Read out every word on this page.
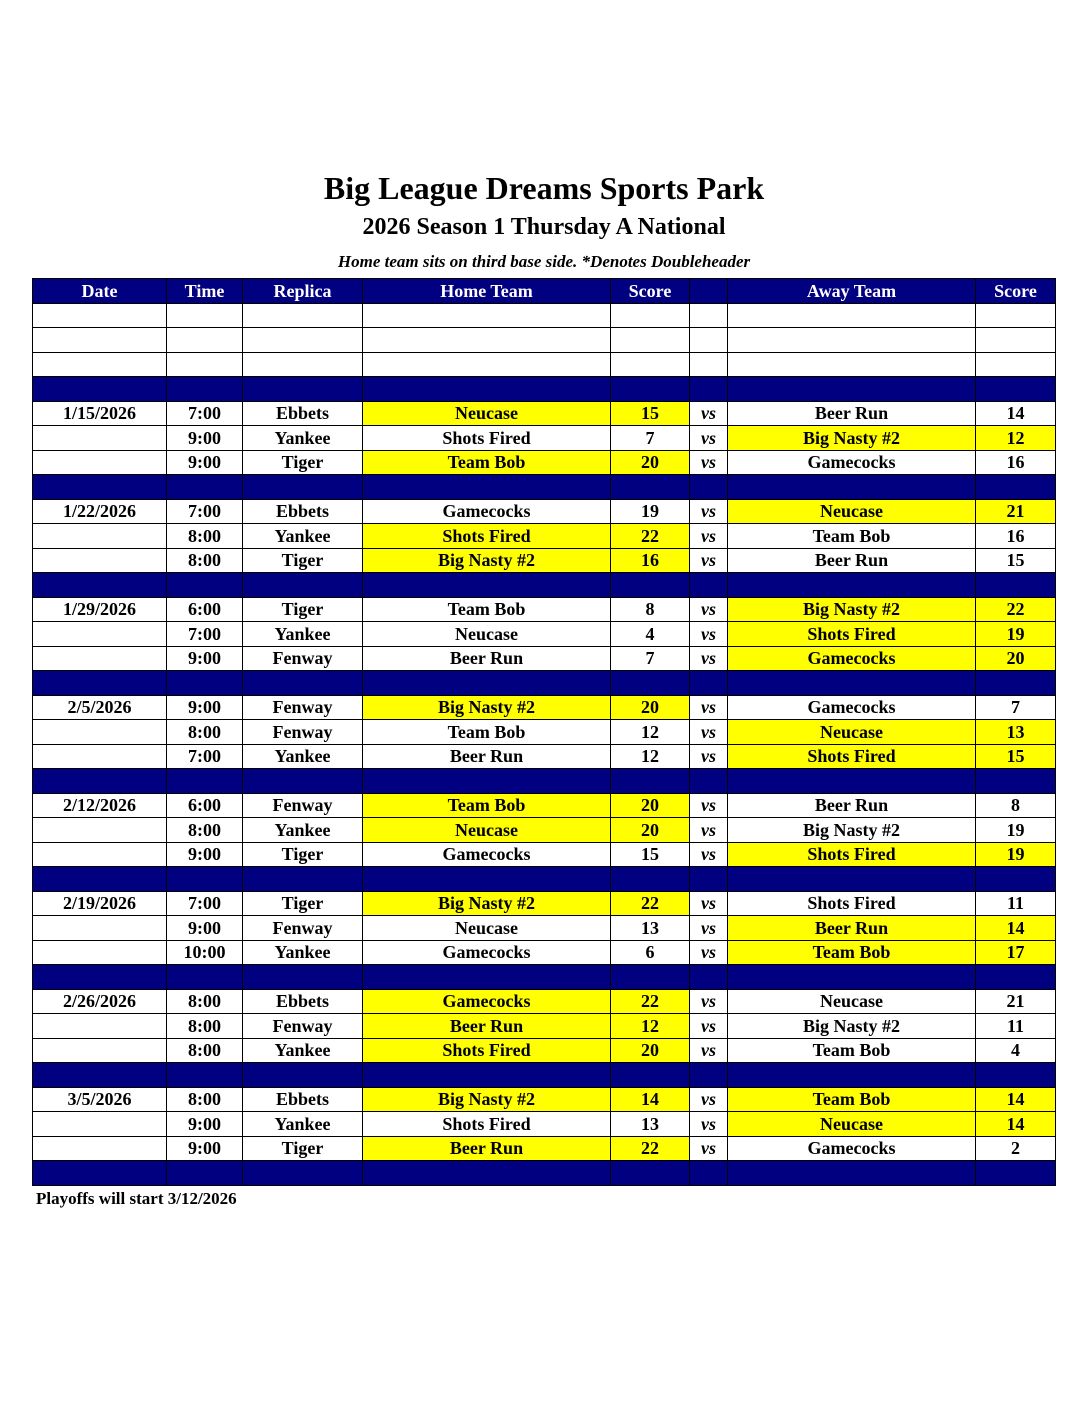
Big League Dreams Sports Park
2026 Season 1 Thursday A National
Home team sits on third base side. *Denotes Doubleheader
Date	Time	Replica	Home Team	Score		Away Team	Score

1/15/2026	7:00	Ebbets	Neucase	15	vs	Beer Run	14
	9:00	Yankee	Shots Fired	7	vs	Big Nasty #2	12
	9:00	Tiger	Team Bob	20	vs	Gamecocks	16

1/22/2026	7:00	Ebbets	Gamecocks	19	vs	Neucase	21
	8:00	Yankee	Shots Fired	22	vs	Team Bob	16
	8:00	Tiger	Big Nasty #2	16	vs	Beer Run	15

1/29/2026	6:00	Tiger	Team Bob	8	vs	Big Nasty #2	22
	7:00	Yankee	Neucase	4	vs	Shots Fired	19
	9:00	Fenway	Beer Run	7	vs	Gamecocks	20

2/5/2026	9:00	Fenway	Big Nasty #2	20	vs	Gamecocks	7
	8:00	Fenway	Team Bob	12	vs	Neucase	13
	7:00	Yankee	Beer Run	12	vs	Shots Fired	15

2/12/2026	6:00	Fenway	Team Bob	20	vs	Beer Run	8
	8:00	Yankee	Neucase	20	vs	Big Nasty #2	19
	9:00	Tiger	Gamecocks	15	vs	Shots Fired	19

2/19/2026	7:00	Tiger	Big Nasty #2	22	vs	Shots Fired	11
	9:00	Fenway	Neucase	13	vs	Beer Run	14
	10:00	Yankee	Gamecocks	6	vs	Team Bob	17

2/26/2026	8:00	Ebbets	Gamecocks	22	vs	Neucase	21
	8:00	Fenway	Beer Run	12	vs	Big Nasty #2	11
	8:00	Yankee	Shots Fired	20	vs	Team Bob	4

3/5/2026	8:00	Ebbets	Big Nasty #2	14	vs	Team Bob	14
	9:00	Yankee	Shots Fired	13	vs	Neucase	14
	9:00	Tiger	Beer Run	22	vs	Gamecocks	2

Playoffs will start 3/12/2026
